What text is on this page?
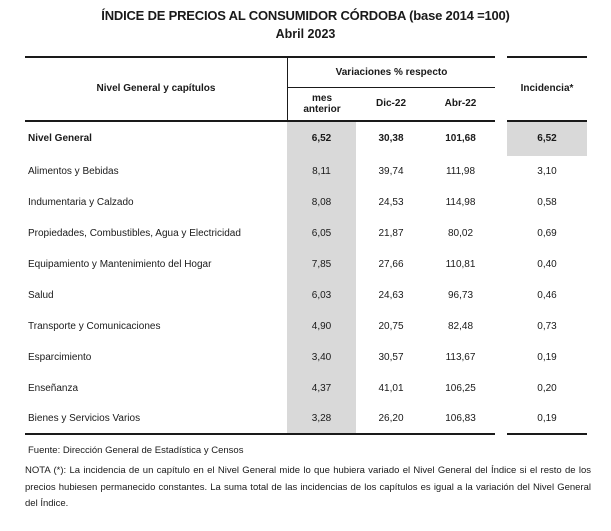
ÍNDICE DE PRECIOS AL CONSUMIDOR CÓRDOBA (base 2014 =100)
Abril 2023
Nivel General y capítulos
Variaciones % respecto
Incidencia*
mes anterior
Dic-22	Abr-22
Nivel General	6,52	30,38	101,68	6,52
Alimentos y Bebidas	8,11	39,74	111,98	3,10
Indumentaria y Calzado	8,08	24,53	114,98	0,58
Propiedades, Combustibles, Agua y Electricidad	6,05	21,87	80,02	0,69
Equipamiento y Mantenimiento del Hogar	7,85	27,66	110,81	0,40
Salud	6,03	24,63	96,73	0,46
Transporte y Comunicaciones	4,90	20,75	82,48	0,73
Esparcimiento	3,40	30,57	113,67	0,19
Enseñanza	4,37	41,01	106,25	0,20
Bienes y Servicios Varios	3,28	26,20	106,83	0,19
Fuente: Dirección General de Estadística y Censos
NOTA (*): La incidencia de un capítulo en el Nivel General mide lo que hubiera variado el Nivel General del Índice si el resto de los precios hubiesen permanecido constantes. La suma total de las incidencias de los capítulos es igual a la variación del Nivel General del Índice.
